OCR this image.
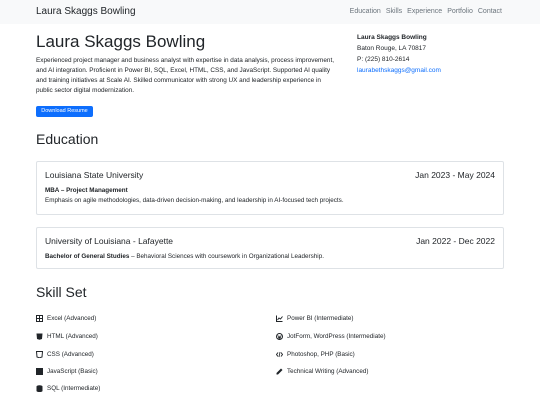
Laura Skaggs Bowling	Education Skills Experience Portfolio Contact
Laura Skaggs Bowling

Experienced project manager and business analyst with expertise in data analysis, process improvement, and AI integration. Proficient in Power BI, SQL, Excel, HTML, CSS, and JavaScript. Supported AI quality and training initiatives at Scale AI. Skilled communicator with strong UX and leadership experience in public sector digital modernization.

Download Resume
Laura Skaggs Bowling
Baton Rouge, LA 70817
P: (225) 810-2614
laurabethskaggs@gmail.com
Education
Louisiana State University	Jan 2023 - May 2024
MBA – Project Management
Emphasis on agile methodologies, data-driven decision-making, and leadership in AI-focused tech projects.
University of Louisiana - Lafayette	Jan 2022 - Dec 2022
Bachelor of General Studies – Behavioral Sciences with coursework in Organizational Leadership.
Skill Set
Excel (Advanced)
HTML (Advanced)
CSS (Advanced)
JavaScript (Basic)
SQL (Intermediate)
Power BI (Intermediate)
JotForm, WordPress (Intermediate)
Photoshop, PHP (Basic)
Technical Writing (Advanced)
